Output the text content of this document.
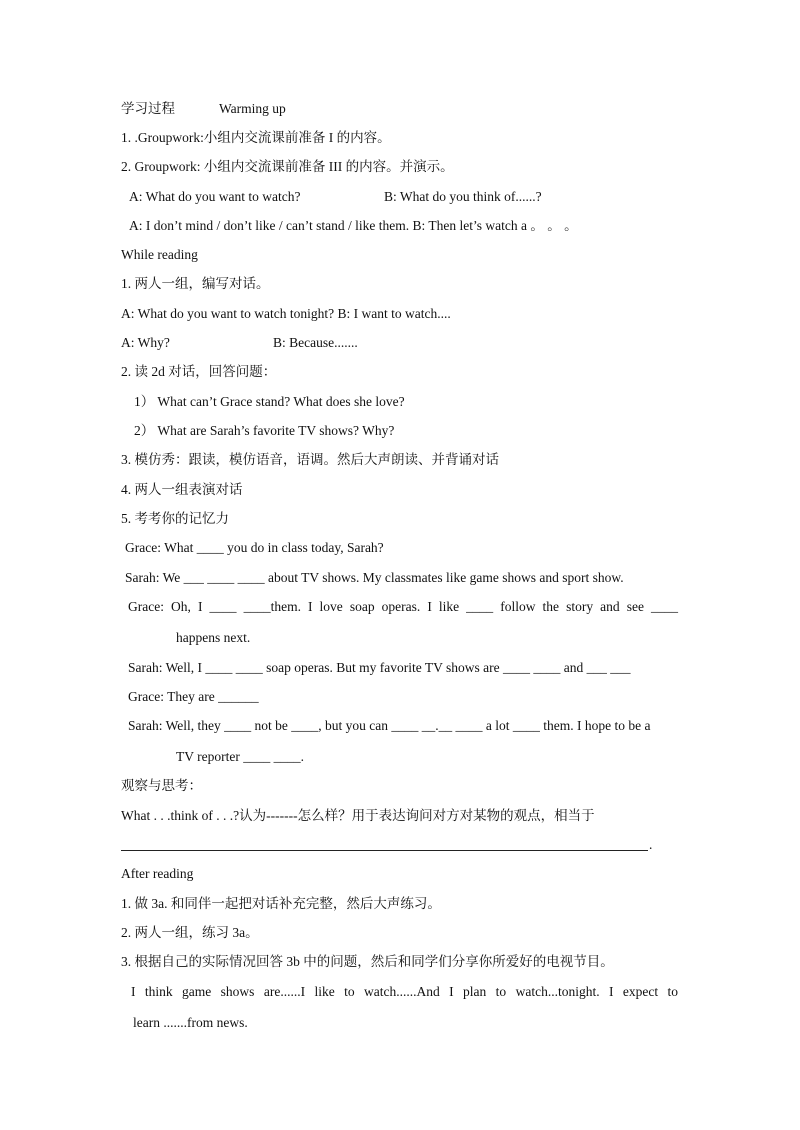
学习过程	Warming up
1. .Groupwork:小组内交流课前准备 I 的内容。
2. Groupwork: 小组内交流课前准备 III 的内容。并演示。
A: What do you want to watch?	B: What do you think of......?
A: I don’t mind / don’t like / can’t stand / like them. B: Then let’s watch a 。 。 。
While reading
1. 两人一组，编写对话。
A: What do you want to watch tonight? B: I want to watch....
A: Why?	B: Because.......
2. 读 2d 对话，回答问题：
1） What can’t Grace stand? What does she love?
2） What are Sarah’s favorite TV shows? Why?
3. 模仿秀：跟读，模仿语音，语调。然后大声朗读、并背诵对话
4. 两人一组表演对话
5. 考考你的记忆力
Grace: What ____ you do in class today, Sarah?
Sarah: We ___ ____ ____ about TV shows. My classmates like game shows and sport show.
Grace: Oh, I ____ ____them. I love soap operas. I like ____ follow the story and see ____
happens next.
Sarah: Well, I ____ ____ soap operas. But my favorite TV shows are ____ ____ and ___ ___
Grace: They are ______
Sarah: Well, they ____ not be ____, but you can ____ __.__ ____ a lot ____ them. I hope to be a
TV reporter ____ ____.
观察与思考：
What . . .think of . . .?认为-------怎么样？用于表达询问对方对某物的观点，相当于
.
After reading
1. 做 3a. 和同伴一起把对话补充完整，然后大声练习。
2. 两人一组，练习 3a。
3. 根据自己的实际情况回答 3b 中的问题，然后和同学们分享你所爱好的电视节目。
I think game shows are......I like to watch......And I plan to watch...tonight. I expect to
learn .......from news.
